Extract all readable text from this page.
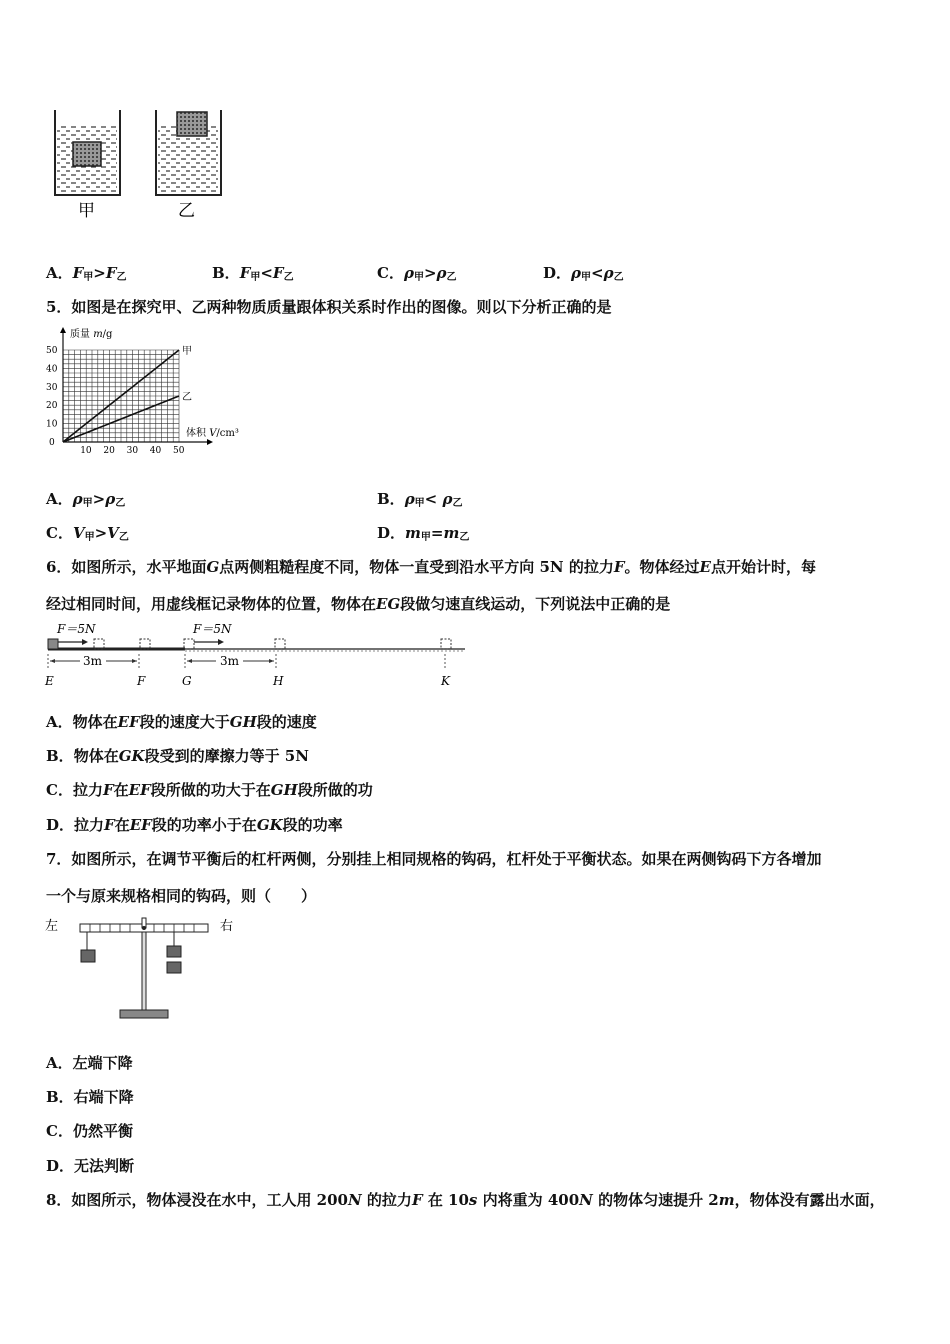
甲	乙
A．$F_甲>F_乙$	B．$F_甲<F_乙$	C．$\rho_甲>\rho_乙$	D．$\rho_甲<\rho_乙$
5．如图是在探究甲、乙两种物质质量跟体积关系时作出的图像。则以下分析正确的是
甲
乙
10 20 30 40 50
0
10
20
30
40
50
质量 m/g
体积 V/cm³
A．$\rho_甲>\rho_乙$	B．$\rho_甲< \rho_乙$
C．$V_甲>V_乙$	D．$m_甲=m_乙$
6．如图所示，水平地面G点两侧粗糙程度不同，物体一直受到沿水平方向 5N 的拉力F。物体经过E点开始计时，每
经过相同时间，用虚线框记录物体的位置，物体在EG段做匀速直线运动，下列说法中正确的是
F＝5N	F＝5N
3m	3m
E	F	G	H	K
A．物体在EF段的速度大于GH段的速度
B．物体在GK段受到的摩擦力等于 5N
C．拉力F在EF段所做的功大于在GH段所做的功
D．拉力F在EF段的功率小于在GK段的功率
7．如图所示，在调节平衡后的杠杆两侧，分别挂上相同规格的钩码，杠杆处于平衡状态。如果在两侧钩码下方各增加
一个与原来规格相同的钩码，则（　　）
左	右
A．左端下降
B．右端下降
C．仍然平衡
D．无法判断
8．如图所示，物体浸没在水中，工人用 200N 的拉力F 在 10s 内将重为 400N 的物体匀速提升 2m，物体没有露出水面，
